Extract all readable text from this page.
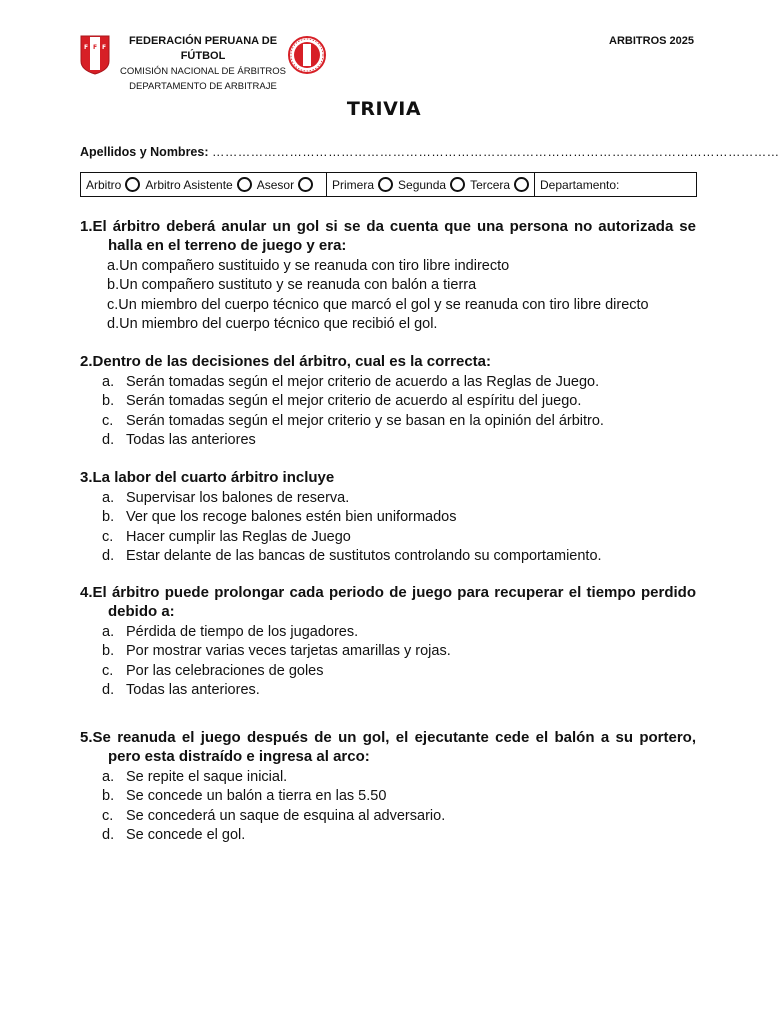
F
F F
FEDERACIÓN PERUANA DE FÚTBOL
COMISIÓN NACIONAL DE ÁRBITROS
DEPARTAMENTO DE ARBITRAJE
ARBITROS 2025
TRIVIA
Apellidos y Nombres: ……………………………………………………………………………………………………………………
Arbitro Arbitro Asistente Asesor	Primera Segunda Tercera Departamento:
1.El árbitro deberá anular un gol si se da cuenta que una persona no autorizada se halla en el terreno de juego y era:
a. Un compañero sustituido y se reanuda con tiro libre indirecto
b. Un compañero sustituto y se reanuda con balón a tierra
c. Un miembro del cuerpo técnico que marcó el gol y se reanuda con tiro libre directo
d. Un miembro del cuerpo técnico que recibió el gol.
2.Dentro de las decisiones del árbitro, cual es la correcta:
a. Serán tomadas según el mejor criterio de acuerdo a las Reglas de Juego.
b. Serán tomadas según el mejor criterio de acuerdo al espíritu del juego.
c. Serán tomadas según el mejor criterio y se basan en la opinión del árbitro.
d. Todas las anteriores
3.La labor del cuarto árbitro incluye
a. Supervisar los balones de reserva.
b. Ver que los recoge balones estén bien uniformados
c. Hacer cumplir las Reglas de Juego
d. Estar delante de las bancas de sustitutos controlando su comportamiento.
4.El árbitro puede prolongar cada periodo de juego para recuperar el tiempo perdido debido a:
a. Pérdida de tiempo de los jugadores.
b. Por mostrar varias veces tarjetas amarillas y rojas.
c. Por las celebraciones de goles
d. Todas las anteriores.
5.Se reanuda el juego después de un gol, el ejecutante cede el balón a su portero, pero esta distraído e ingresa al arco:
a. Se repite el saque inicial.
b. Se concede un balón a tierra en las 5.50
c. Se concederá un saque de esquina al adversario.
d. Se concede el gol.
